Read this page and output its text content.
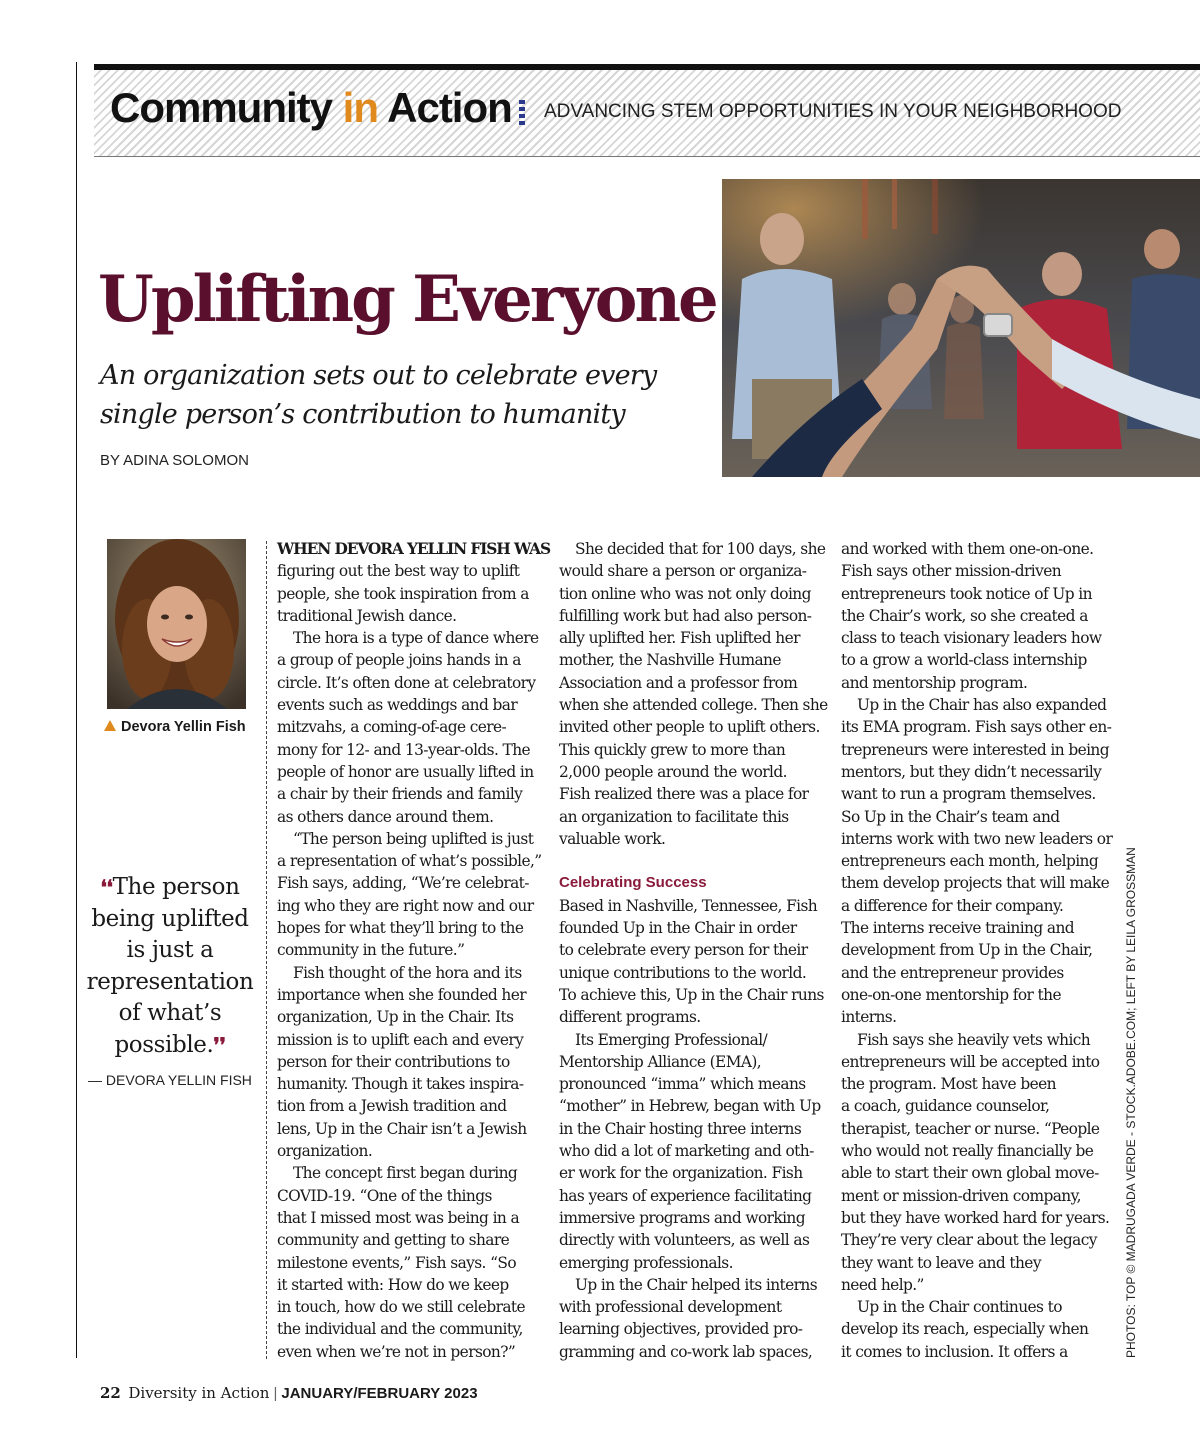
Community in Action ADVANCING STEM OPPORTUNITIES IN YOUR NEIGHBORHOOD
Uplifting Everyone
An organization sets out to celebrate every
single person’s contribution to humanity
BY ADINA SOLOMON
Devora Yellin Fish
❛❛The person being uplifted is just a representation of what’s possible.❜❜
— DEVORA YELLIN FISH
WHEN DEVORA YELLIN FISH WAS
figuring out the best way to uplift
people, she took inspiration from a
traditional Jewish dance.
The hora is a type of dance where
a group of people joins hands in a
circle. It’s often done at celebratory
events such as weddings and bar
mitzvahs, a coming-of-age cere-
mony for 12- and 13-year-olds. The
people of honor are usually lifted in
a chair by their friends and family
as others dance around them.
“The person being uplifted is just
a representation of what’s possible,”
Fish says, adding, “We’re celebrat-
ing who they are right now and our
hopes for what they’ll bring to the
community in the future.”
Fish thought of the hora and its
importance when she founded her
organization, Up in the Chair. Its
mission is to uplift each and every
person for their contributions to
humanity. Though it takes inspira-
tion from a Jewish tradition and
lens, Up in the Chair isn’t a Jewish
organization.
The concept first began during
COVID-19. “One of the things
that I missed most was being in a
community and getting to share
milestone events,” Fish says. “So
it started with: How do we keep
in touch, how do we still celebrate
the individual and the community,
even when we’re not in person?”
She decided that for 100 days, she
would share a person or organiza-
tion online who was not only doing
fulfilling work but had also person-
ally uplifted her. Fish uplifted her
mother, the Nashville Humane
Association and a professor from
when she attended college. Then she
invited other people to uplift others.
This quickly grew to more than
2,000 people around the world.
Fish realized there was a place for
an organization to facilitate this
valuable work.
Celebrating Success
Based in Nashville, Tennessee, Fish
founded Up in the Chair in order
to celebrate every person for their
unique contributions to the world.
To achieve this, Up in the Chair runs
different programs.
Its Emerging Professional/
Mentorship Alliance (EMA),
pronounced “imma” which means
“mother” in Hebrew, began with Up
in the Chair hosting three interns
who did a lot of marketing and oth-
er work for the organization. Fish
has years of experience facilitating
immersive programs and working
directly with volunteers, as well as
emerging professionals.
Up in the Chair helped its interns
with professional development
learning objectives, provided pro-
gramming and co-work lab spaces,
and worked with them one-on-one.
Fish says other mission-driven
entrepreneurs took notice of Up in
the Chair’s work, so she created a
class to teach visionary leaders how
to a grow a world-class internship
and mentorship program.
Up in the Chair has also expanded
its EMA program. Fish says other en-
trepreneurs were interested in being
mentors, but they didn’t necessarily
want to run a program themselves.
So Up in the Chair’s team and
interns work with two new leaders or
entrepreneurs each month, helping
them develop projects that will make
a difference for their company.
The interns receive training and
development from Up in the Chair,
and the entrepreneur provides
one-on-one mentorship for the
interns.
Fish says she heavily vets which
entrepreneurs will be accepted into
the program. Most have been
a coach, guidance counselor,
therapist, teacher or nurse. “People
who would not really financially be
able to start their own global move-
ment or mission-driven company,
but they have worked hard for years.
They’re very clear about the legacy
they want to leave and they
need help.”
Up in the Chair continues to
develop its reach, especially when
it comes to inclusion. It offers a	PHOTOS: TOP © MADRUGADA VERDE - STOCK.ADOBE.COM; LEFT BY LEILA GROSSMAN
22 Diversity in Action | JANUARY/FEBRUARY 2023
